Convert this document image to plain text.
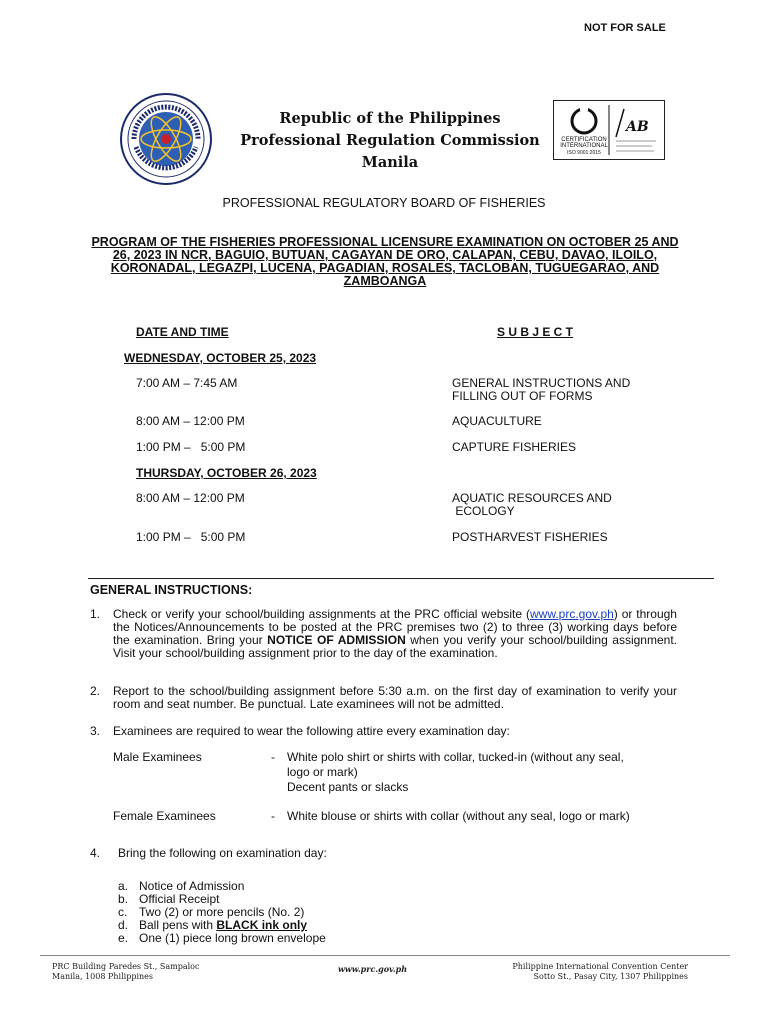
NOT FOR SALE
Republic of the Philippines
Professional Regulation Commission
Manila
AB
CERTIFICATION
INTERNATIONAL
ISO 9001:2015
PROFESSIONAL REGULATORY BOARD OF FISHERIES
PROGRAM OF THE FISHERIES PROFESSIONAL LICENSURE EXAMINATION ON OCTOBER 25 AND 26, 2023 IN NCR, BAGUIO, BUTUAN, CAGAYAN DE ORO, CALAPAN, CEBU, DAVAO, ILOILO, KORONADAL, LEGAZPI, LUCENA, PAGADIAN, ROSALES, TACLOBAN, TUGUEGARAO, AND ZAMBOANGA
DATE AND TIME	S U B J E C T
WEDNESDAY, OCTOBER 25, 2023
7:00 AM – 7:45 AM	GENERAL INSTRUCTIONS AND
FILLING OUT OF FORMS
8:00 AM – 12:00 PM	AQUACULTURE
1:00 PM –   5:00 PM	CAPTURE FISHERIES
THURSDAY, OCTOBER 26, 2023
8:00 AM – 12:00 PM	AQUATIC RESOURCES AND
ECOLOGY
1:00 PM –   5:00 PM	POSTHARVEST FISHERIES
GENERAL INSTRUCTIONS:
1. Check or verify your school/building assignments at the PRC official website (www.prc.gov.ph) or through the Notices/Announcements to be posted at the PRC premises two (2) to three (3) working days before the examination. Bring your NOTICE OF ADMISSION when you verify your school/building assignment. Visit your school/building assignment prior to the day of the examination.
2. Report to the school/building assignment before 5:30 a.m. on the first day of examination to verify your room and seat number. Be punctual. Late examinees will not be admitted.
3. Examinees are required to wear the following attire every examination day:
Male Examinees	- White polo shirt or shirts with collar, tucked-in (without any seal,
logo or mark)
Decent pants or slacks
Female Examinees	- White blouse or shirts with collar (without any seal, logo or mark)
4. Bring the following on examination day:
a. Notice of Admission
b. Official Receipt
c. Two (2) or more pencils (No. 2)
d. Ball pens with BLACK ink only
e. One (1) piece long brown envelope
PRC Building Paredes St., Sampaloc
Manila, 1008 Philippines
www.prc.gov.ph	Philippine International Convention Center
Sotto St., Pasay City, 1307 Philippines
